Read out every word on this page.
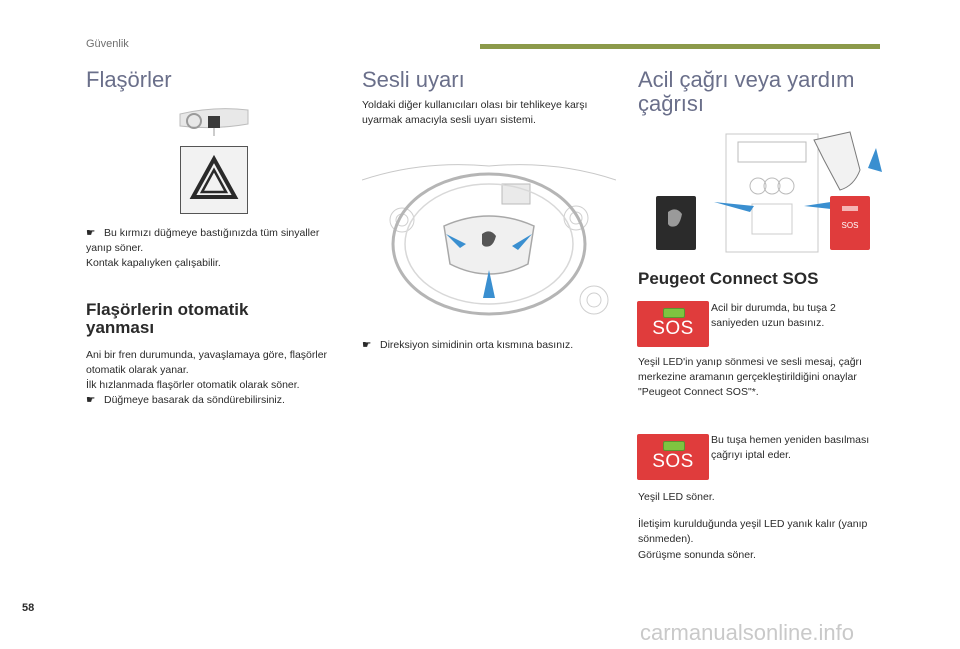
Güvenlik
Flaşörler
☛ Bu kırmızı düğmeye bastığınızda tüm sinyaller yanıp söner.
Kontak kapalıyken çalışabilir.
Flaşörlerin otomatik yanması
Ani bir fren durumunda, yavaşlamaya göre, flaşörler otomatik olarak yanar.
İlk hızlanmada flaşörler otomatik olarak söner.
☛ Düğmeye basarak da söndürebilirsiniz.
Sesli uyarı
Yoldaki diğer kullanıcıları olası bir tehlikeye karşı uyarmak amacıyla sesli uyarı sistemi.
☛ Direksiyon simidinin orta kısmına basınız.
Acil çağrı veya yardım çağrısı
SOS
Peugeot Connect SOS
SOS
Acil bir durumda, bu tuşa 2 saniyeden uzun basınız.
Yeşil LED'in yanıp sönmesi ve sesli mesaj, çağrı merkezine aramanın gerçekleştirildiğini onaylar "Peugeot Connect SOS"*.
SOS
Bu tuşa hemen yeniden basılması çağrıyı iptal eder.
Yeşil LED söner.
İletişim kurulduğunda yeşil LED yanık kalır (yanıp sönmeden).
Görüşme sonunda söner.
58
carmanualsonline.info
